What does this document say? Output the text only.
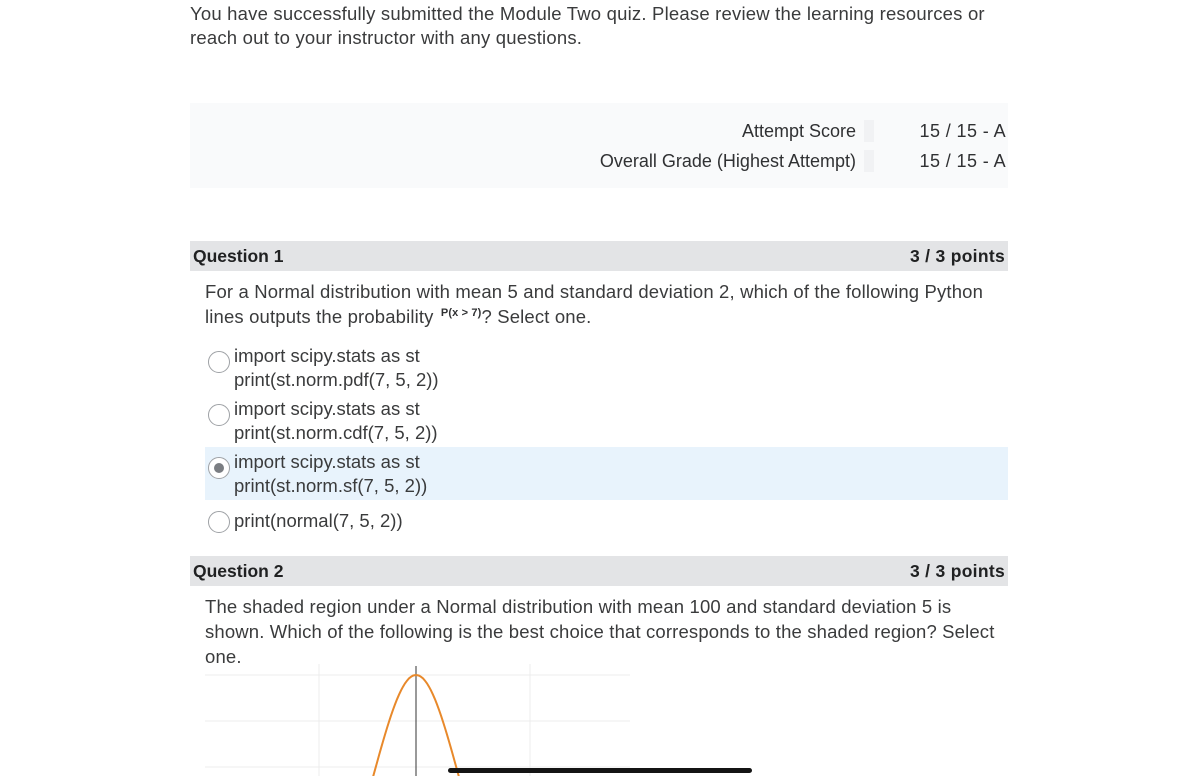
You have successfully submitted the Module Two quiz. Please review the learning resources or reach out to your instructor with any questions.
Attempt Score	15 / 15 - A
Overall Grade (Highest Attempt)	15 / 15 - A
Question 1	3 / 3 points
For a Normal distribution with mean 5 and standard deviation 2, which of the following Python lines outputs the probability $^{P(x > 7)}$? Select one.
import scipy.stats as st
print(st.norm.pdf(7, 5, 2))
import scipy.stats as st
print(st.norm.cdf(7, 5, 2))
import scipy.stats as st
print(st.norm.sf(7, 5, 2))
print(normal(7, 5, 2))
Question 2	3 / 3 points
The shaded region under a Normal distribution with mean 100 and standard deviation 5 is shown. Which of the following is the best choice that corresponds to the shaded region? Select one.
